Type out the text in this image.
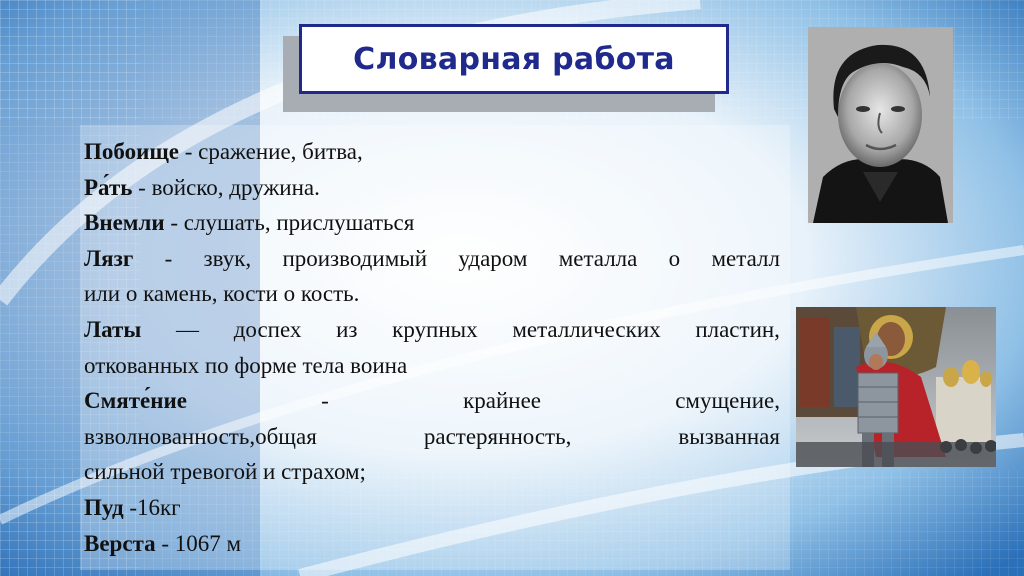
Словарная работа
Побоище - сражение, битва,
Ра́ть - войско, дружина.
Внемли - слушать, прислушаться
Лязг - звук, производимый ударом металла о металл
или о камень, кости о кость.
Латы — доспех из крупных металлических пластин,
откованных по форме тела воина
Смяте́ние	-	крайнее	смущение,
взволнованность,общая	растерянность,	вызванная
сильной тревогой и страхом;
Пуд -16кг
Верста - 1067 м
